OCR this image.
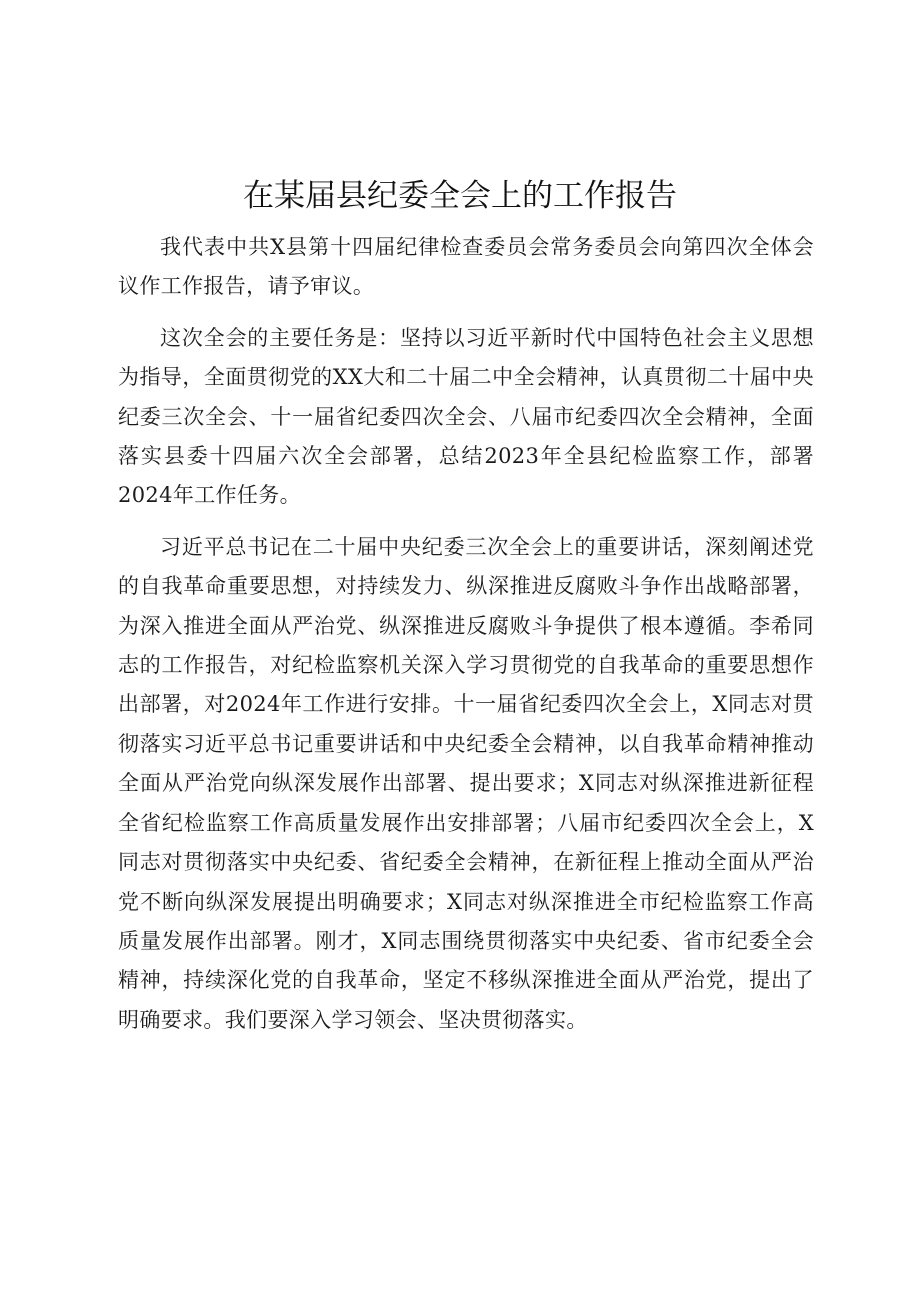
在某届县纪委全会上的工作报告

我代表中共X县第十四届纪律检查委员会常务委员会向第四次全体会议作工作报告，请予审议。

这次全会的主要任务是：坚持以习近平新时代中国特色社会主义思想为指导，全面贯彻党的XX大和二十届二中全会精神，认真贯彻二十届中央纪委三次全会、十一届省纪委四次全会、八届市纪委四次全会精神，全面落实县委十四届六次全会部署，总结2023年全县纪检监察工作，部署2024年工作任务。

习近平总书记在二十届中央纪委三次全会上的重要讲话，深刻阐述党的自我革命重要思想，对持续发力、纵深推进反腐败斗争作出战略部署，为深入推进全面从严治党、纵深推进反腐败斗争提供了根本遵循。李希同志的工作报告，对纪检监察机关深入学习贯彻党的自我革命的重要思想作出部署，对2024年工作进行安排。十一届省纪委四次全会上，X同志对贯彻落实习近平总书记重要讲话和中央纪委全会精神，以自我革命精神推动全面从严治党向纵深发展作出部署、提出要求；X同志对纵深推进新征程全省纪检监察工作高质量发展作出安排部署；八届市纪委四次全会上，X同志对贯彻落实中央纪委、省纪委全会精神，在新征程上推动全面从严治党不断向纵深发展提出明确要求；X同志对纵深推进全市纪检监察工作高质量发展作出部署。刚才，X同志围绕贯彻落实中央纪委、省市纪委全会精神，持续深化党的自我革命，坚定不移纵深推进全面从严治党，提出了明确要求。我们要深入学习领会、坚决贯彻落实。
